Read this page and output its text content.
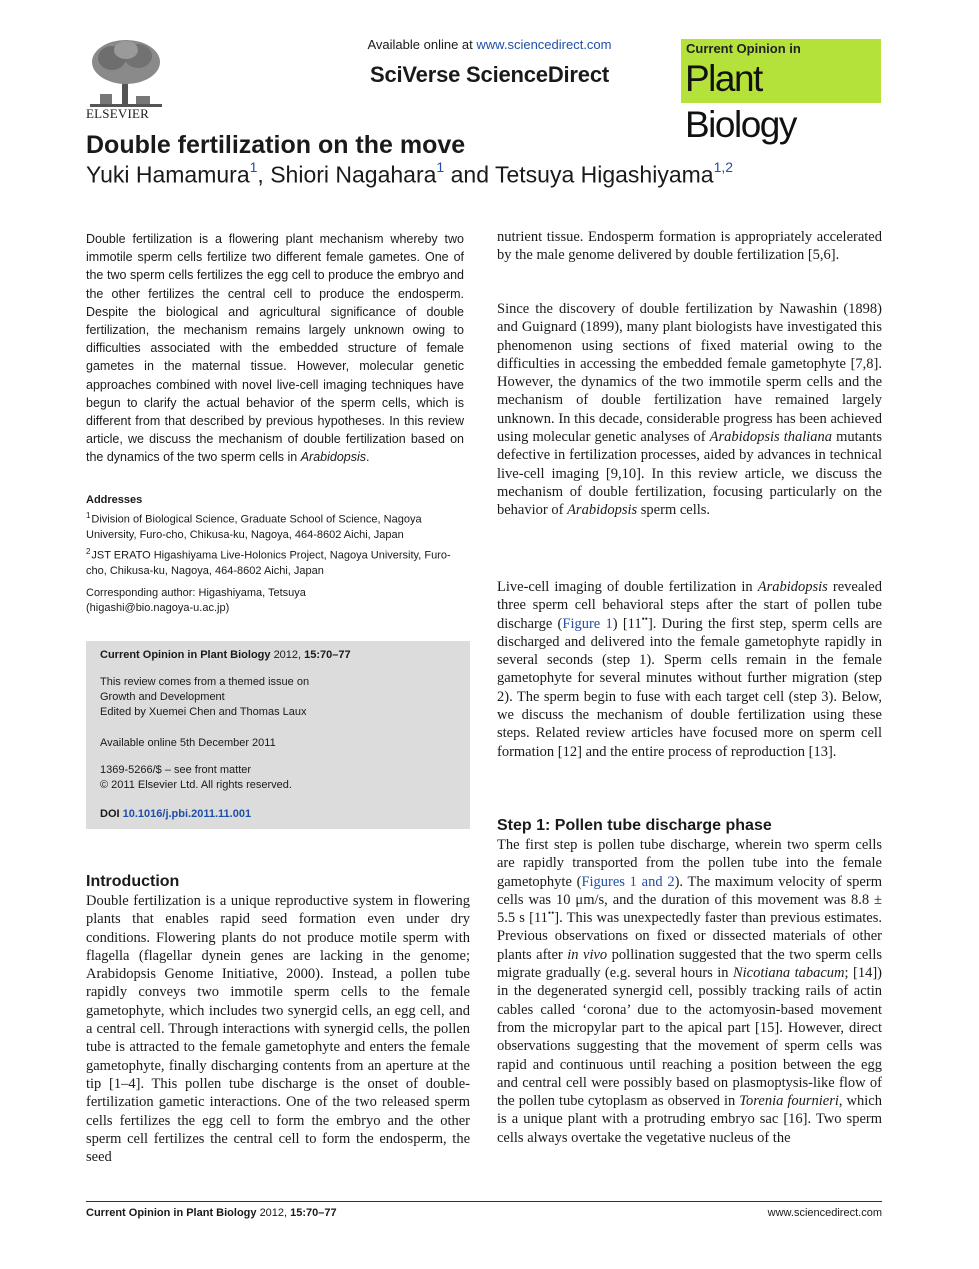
ELSEVIER
Available online at www.sciencedirect.com
SciVerse ScienceDirect
Current Opinion in
Plant Biology
Double fertilization on the move
Yuki Hamamura$^1$, Shiori Nagahara$^1$ and Tetsuya Higashiyama$^{1,2}$
Double fertilization is a flowering plant mechanism whereby two immotile sperm cells fertilize two different female gametes. One of the two sperm cells fertilizes the egg cell to produce the embryo and the other fertilizes the central cell to produce the endosperm. Despite the biological and agricultural significance of double fertilization, the mechanism remains largely unknown owing to difficulties associated with the embedded structure of female gametes in the maternal tissue. However, molecular genetic approaches combined with novel live-cell imaging techniques have begun to clarify the actual behavior of the sperm cells, which is different from that described by previous hypotheses. In this review article, we discuss the mechanism of double fertilization based on the dynamics of the two sperm cells in Arabidopsis.
Addresses
$^1$ Division of Biological Science, Graduate School of Science, Nagoya University, Furo-cho, Chikusa-ku, Nagoya, 464-8602 Aichi, Japan
$^2$ JST ERATO Higashiyama Live-Holonics Project, Nagoya University, Furo-cho, Chikusa-ku, Nagoya, 464-8602 Aichi, Japan
Corresponding author: Higashiyama, Tetsuya
(higashi@bio.nagoya-u.ac.jp)
Current Opinion in Plant Biology 2012, 15:70–77
This review comes from a themed issue on
Growth and Development
Edited by Xuemei Chen and Thomas Laux
Available online 5th December 2011
1369-5266/$ – see front matter
© 2011 Elsevier Ltd. All rights reserved.
DOI 10.1016/j.pbi.2011.11.001
Introduction
Double fertilization is a unique reproductive system in flowering plants that enables rapid seed formation even under dry conditions. Flowering plants do not produce motile sperm with flagella (flagellar dynein genes are lacking in the genome; Arabidopsis Genome Initiative, 2000). Instead, a pollen tube rapidly conveys two immotile sperm cells to the female gametophyte, which includes two synergid cells, an egg cell, and a central cell. Through interactions with synergid cells, the pollen tube is attracted to the female gametophyte and enters the female gametophyte, finally discharging contents from an aperture at the tip [1–4]. This pollen tube discharge is the onset of double-fertilization gametic interactions. One of the two released sperm cells fertilizes the egg cell to form the embryo and the other sperm cell fertilizes the central cell to form the endosperm, the seed
nutrient tissue. Endosperm formation is appropriately accelerated by the male genome delivered by double fertilization [5,6].
Since the discovery of double fertilization by Nawashin (1898) and Guignard (1899), many plant biologists have investigated this phenomenon using sections of fixed material owing to the difficulties in accessing the embedded female gametophyte [7,8]. However, the dynamics of the two immotile sperm cells and the mechanism of double fertilization have remained largely unknown. In this decade, considerable progress has been achieved using molecular genetic analyses of Arabidopsis thaliana mutants defective in fertilization processes, aided by advances in technical live-cell imaging [9,10]. In this review article, we discuss the mechanism of double fertilization, focusing particularly on the behavior of Arabidopsis sperm cells.
Live-cell imaging of double fertilization in Arabidopsis revealed three sperm cell behavioral steps after the start of pollen tube discharge (Figure 1) [11••]. During the first step, sperm cells are discharged and delivered into the female gametophyte rapidly in several seconds (step 1). Sperm cells remain in the female gametophyte for several minutes without further migration (step 2). The sperm begin to fuse with each target cell (step 3). Below, we discuss the mechanism of double fertilization using these steps. Related review articles have focused more on sperm cell formation [12] and the entire process of reproduction [13].
Step 1: Pollen tube discharge phase
The first step is pollen tube discharge, wherein two sperm cells are rapidly transported from the pollen tube into the female gametophyte (Figures 1 and 2). The maximum velocity of sperm cells was 10 μm/s, and the duration of this movement was 8.8 ± 5.5 s [11••]. This was unexpectedly faster than previous estimates. Previous observations on fixed or dissected materials of other plants after in vivo pollination suggested that the two sperm cells migrate gradually (e.g. several hours in Nicotiana tabacum; [14]) in the degenerated synergid cell, possibly tracking rails of actin cables called ‘corona’ due to the actomyosin-based movement from the micropylar part to the apical part [15]. However, direct observations suggesting that the movement of sperm cells was rapid and continuous until reaching a position between the egg and central cell were possibly based on plasmoptysis-like flow of the pollen tube cytoplasm as observed in Torenia fournieri, which is a unique plant with a protruding embryo sac [16]. Two sperm cells always overtake the vegetative nucleus of the
Current Opinion in Plant Biology 2012, 15:70–77	www.sciencedirect.com
